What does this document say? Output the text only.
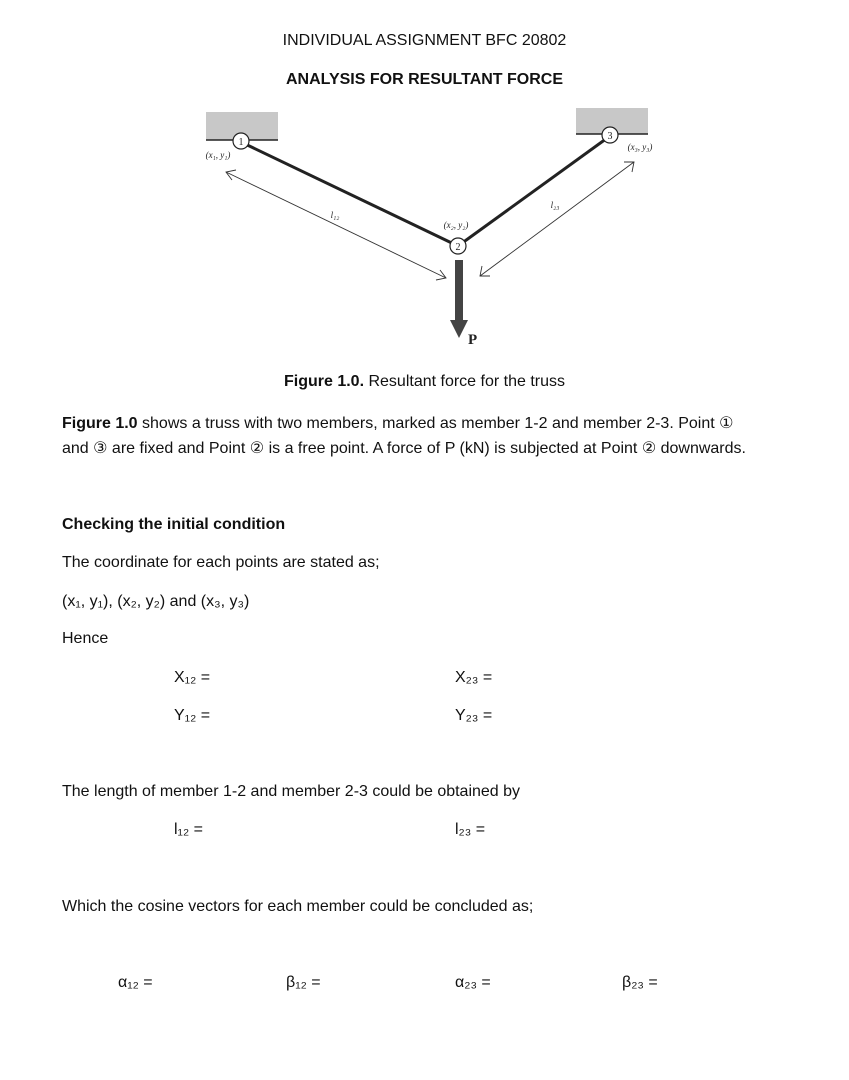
INDIVIDUAL ASSIGNMENT BFC 20802
ANALYSIS FOR RESULTANT FORCE
1
2
3
(x₁, y₁)
(x₂, y₂)
(x₃, y₃)
l₁₂
l₂₃
P
Figure 1.0. Resultant force for the truss
Figure 1.0 shows a truss with two members, marked as member 1-2 and member 2-3. Point ①
and ③ are fixed and Point ② is a free point. A force of P (kN) is subjected at Point ② downwards.
Checking the initial condition
The coordinate for each points are stated as;
(x₁, y₁), (x₂, y₂) and (x₃, y₃)
Hence
X₁₂ =	X₂₃ =
Y₁₂ =	Y₂₃ =
The length of member 1-2 and member 2-3 could be obtained by
l₁₂ =	l₂₃ =
Which the cosine vectors for each member could be concluded as;
α₁₂ =	β₁₂ =	α₂₃ =	β₂₃ =
